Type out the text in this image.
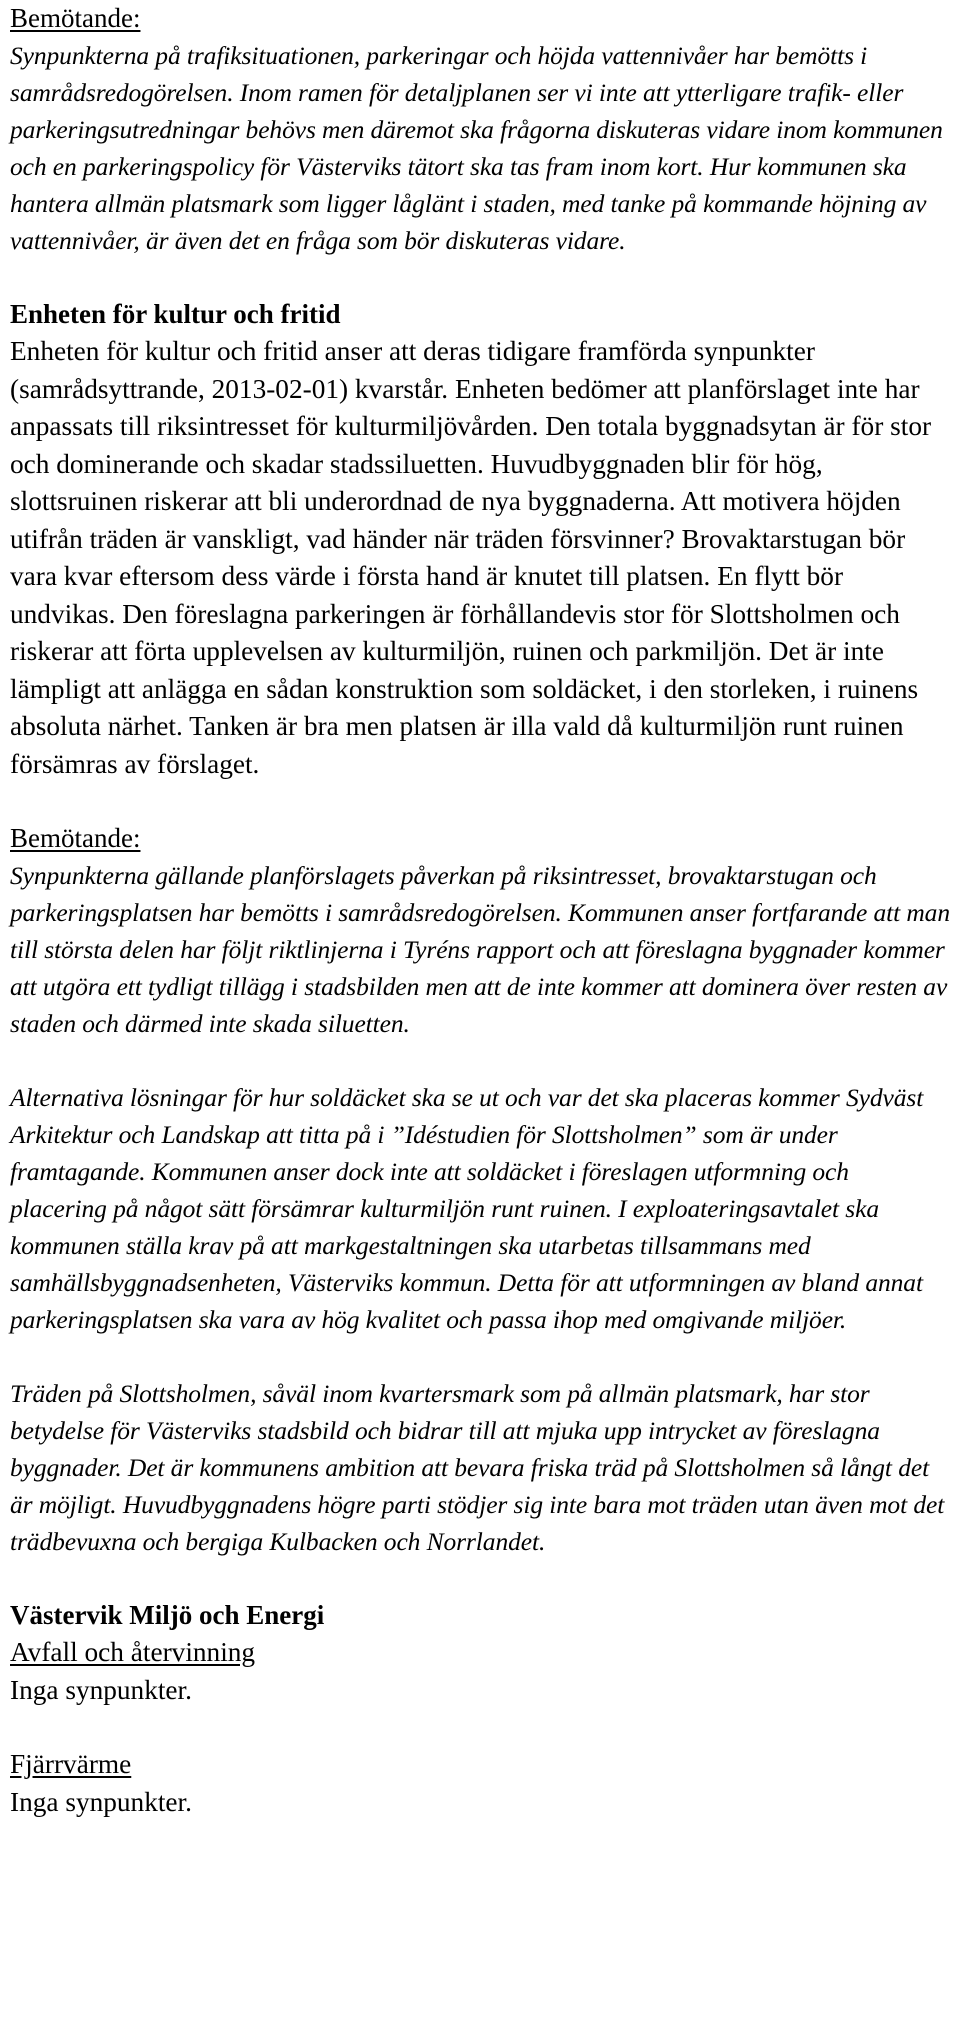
Bemötande:

Synpunkterna på trafiksituationen, parkeringar och höjda vattennivåer har bemötts i samrådsredogörelsen. Inom ramen för detaljplanen ser vi inte att ytterligare trafik- eller parkeringsutredningar behövs men däremot ska frågorna diskuteras vidare inom kommunen och en parkeringspolicy för Västerviks tätort ska tas fram inom kort. Hur kommunen ska hantera allmän platsmark som ligger låglänt i staden, med tanke på kommande höjning av vattennivåer, är även det en fråga som bör diskuteras vidare.

Enheten för kultur och fritid

Enheten för kultur och fritid anser att deras tidigare framförda synpunkter (samrådsyttrande, 2013-02-01) kvarstår. Enheten bedömer att planförslaget inte har anpassats till riksintresset för kulturmiljövården. Den totala byggnadsytan är för stor och dominerande och skadar stadssiluetten. Huvudbyggnaden blir för hög, slottsruinen riskerar att bli underordnad de nya byggnaderna. Att motivera höjden utifrån träden är vanskligt, vad händer när träden försvinner? Brovaktarstugan bör vara kvar eftersom dess värde i första hand är knutet till platsen. En flytt bör undvikas. Den föreslagna parkeringen är förhållandevis stor för Slottsholmen och riskerar att förta upplevelsen av kulturmiljön, ruinen och parkmiljön. Det är inte lämpligt att anlägga en sådan konstruktion som soldäcket, i den storleken, i ruinens absoluta närhet. Tanken är bra men platsen är illa vald då kulturmiljön runt ruinen försämras av förslaget.

Bemötande:

Synpunkterna gällande planförslagets påverkan på riksintresset, brovaktarstugan och parkeringsplatsen har bemötts i samrådsredogörelsen. Kommunen anser fortfarande att man till största delen har följt riktlinjerna i Tyréns rapport och att föreslagna byggnader kommer att utgöra ett tydligt tillägg i stadsbilden men att de inte kommer att dominera över resten av staden och därmed inte skada siluetten.

Alternativa lösningar för hur soldäcket ska se ut och var det ska placeras kommer Sydväst Arkitektur och Landskap att titta på i ”Idéstudien för Slottsholmen” som är under framtagande. Kommunen anser dock inte att soldäcket i föreslagen utformning och placering på något sätt försämrar kulturmiljön runt ruinen. I exploateringsavtalet ska kommunen ställa krav på att markgestaltningen ska utarbetas tillsammans med samhällsbyggnadsenheten, Västerviks kommun. Detta för att utformningen av bland annat parkeringsplatsen ska vara av hög kvalitet och passa ihop med omgivande miljöer.

Träden på Slottsholmen, såväl inom kvartersmark som på allmän platsmark, har stor betydelse för Västerviks stadsbild och bidrar till att mjuka upp intrycket av föreslagna byggnader. Det är kommunens ambition att bevara friska träd på Slottsholmen så långt det är möjligt. Huvudbyggnadens högre parti stödjer sig inte bara mot träden utan även mot det trädbevuxna och bergiga Kulbacken och Norrlandet.

Västervik Miljö och Energi

Avfall och återvinning

Inga synpunkter.

Fjärrvärme

Inga synpunkter.
